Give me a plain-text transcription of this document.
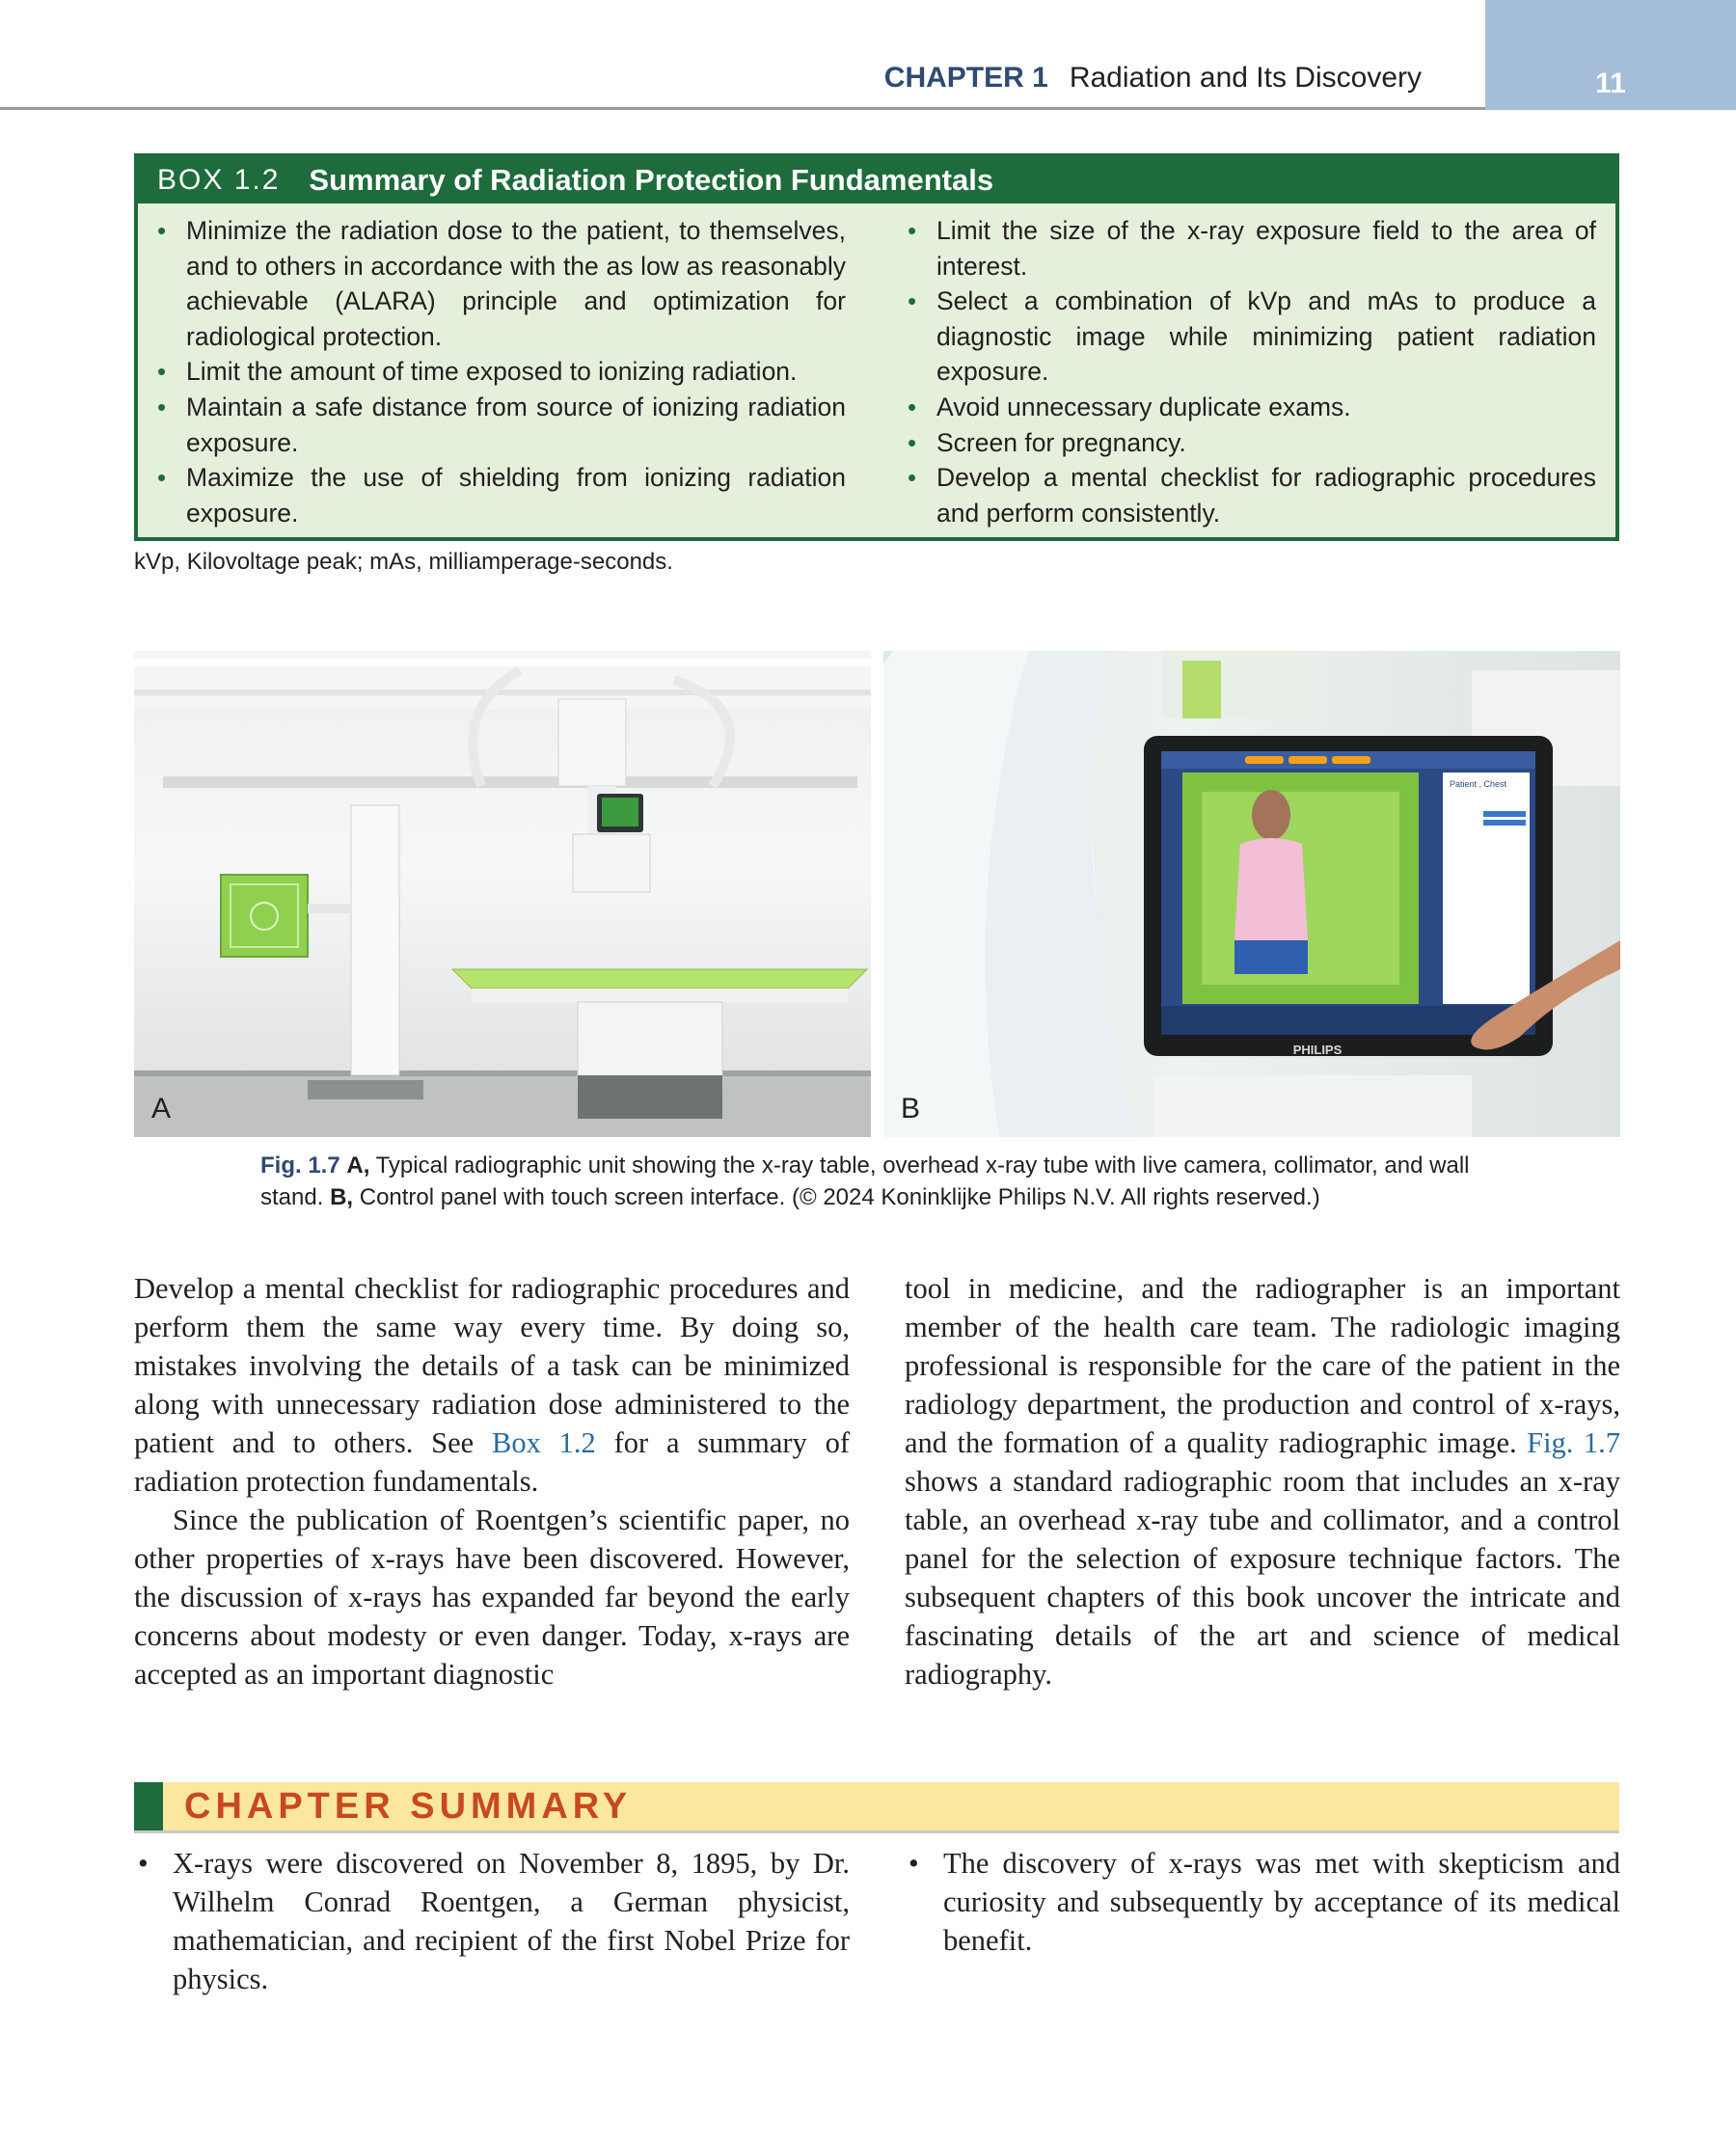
CHAPTER 1 Radiation and Its Discovery	11
BOX 1.2 Summary of Radiation Protection Fundamentals
• Minimize the radiation dose to the patient, to themselves, and to others in accordance with the as low as reasonably achievable (ALARA) principle and optimization for radiological protection.
• Limit the amount of time exposed to ionizing radiation.
• Maintain a safe distance from source of ionizing radiation exposure.
• Maximize the use of shielding from ionizing radiation exposure.
• Limit the size of the x-ray exposure field to the area of interest.
• Select a combination of kVp and mAs to produce a diagnostic image while minimizing patient radiation exposure.
• Avoid unnecessary duplicate exams.
• Screen for pregnancy.
• Develop a mental checklist for radiographic procedures and perform consistently.
kVp, Kilovoltage peak; mAs, milliamperage-seconds.
A
Patient , Chest
PHILIPS
B
Fig. 1.7 A, Typical radiographic unit showing the x-ray table, overhead x-ray tube with live camera, collimator, and wall stand. B, Control panel with touch screen interface. (© 2024 Koninklijke Philips N.V. All rights reserved.)

Develop a mental checklist for radiographic procedures and perform them the same way every time. By doing so, mistakes involving the details of a task can be minimized along with unnecessary radiation dose administered to the patient and to others. See Box 1.2 for a summary of radiation protection fundamentals.

Since the publication of Roentgen’s scientific paper, no other properties of x-rays have been discovered. However, the discussion of x-rays has expanded far beyond the early concerns about modesty or even danger. Today, x-rays are accepted as an important diagnostic

tool in medicine, and the radiographer is an important member of the health care team. The radiologic imaging professional is responsible for the care of the patient in the radiology department, the production and control of x-rays, and the formation of a quality radiographic image. Fig. 1.7 shows a standard radiographic room that includes an x-ray table, an overhead x-ray tube and collimator, and a control panel for the selection of exposure technique factors. The subsequent chapters of this book uncover the intricate and fascinating details of the art and science of medical radiography.

CHAPTER SUMMARY
• X-rays were discovered on November 8, 1895, by Dr. Wilhelm Conrad Roentgen, a German physicist, mathematician, and recipient of the first Nobel Prize for physics.
• The discovery of x-rays was met with skepticism and curiosity and subsequently by acceptance of its medical benefit.
